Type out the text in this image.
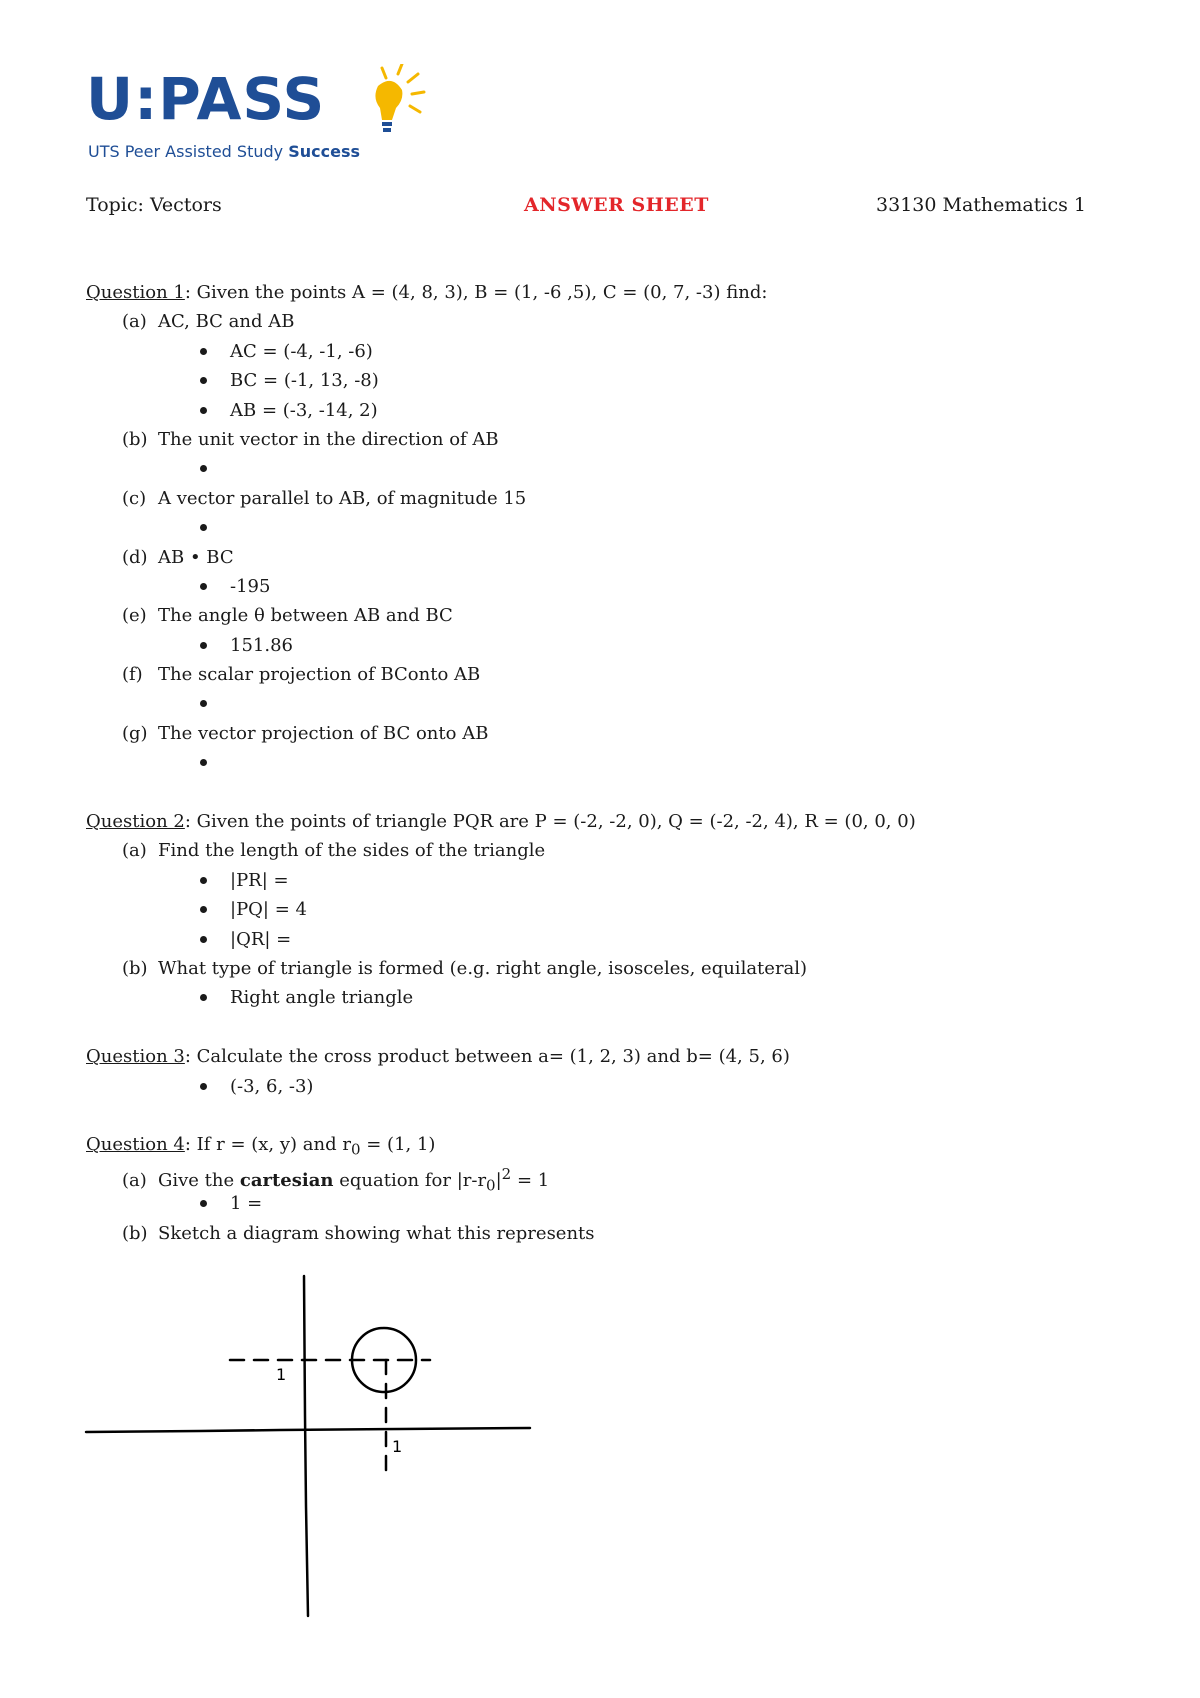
U:PASS
UTS Peer Assisted Study Success
Topic: Vectors	ANSWER SHEET	33130 Mathematics 1
Question 1: Given the points A = (4, 8, 3), B = (1, -6 ,5), C = (0, 7, -3) find:
(a) AC, BC and AB
AC = (-4, -1, -6)
BC = (-1, 13, -8)
AB = (-3, -14, 2)
(b) The unit vector in the direction of AB
(c) A vector parallel to AB, of magnitude 15
(d) AB • BC
-195
(e) The angle θ between AB and BC
151.86
(f) The scalar projection of BConto AB
(g) The vector projection of BC onto AB
Question 2: Given the points of triangle PQR are P = (-2, -2, 0), Q = (-2, -2, 4), R = (0, 0, 0)
(a) Find the length of the sides of the triangle
|PR| =
|PQ| = 4
|QR| =
(b) What type of triangle is formed (e.g. right angle, isosceles, equilateral)
Right angle triangle
Question 3: Calculate the cross product between a= (1, 2, 3) and b= (4, 5, 6)
(-3, 6, -3)
Question 4: If r = (x, y) and $r_0 = (1$, 1)
(a) Give the cartesian equation for $|r-r_0|^2 = 1$
1 =
(b) Sketch a diagram showing what this represents
1
1
